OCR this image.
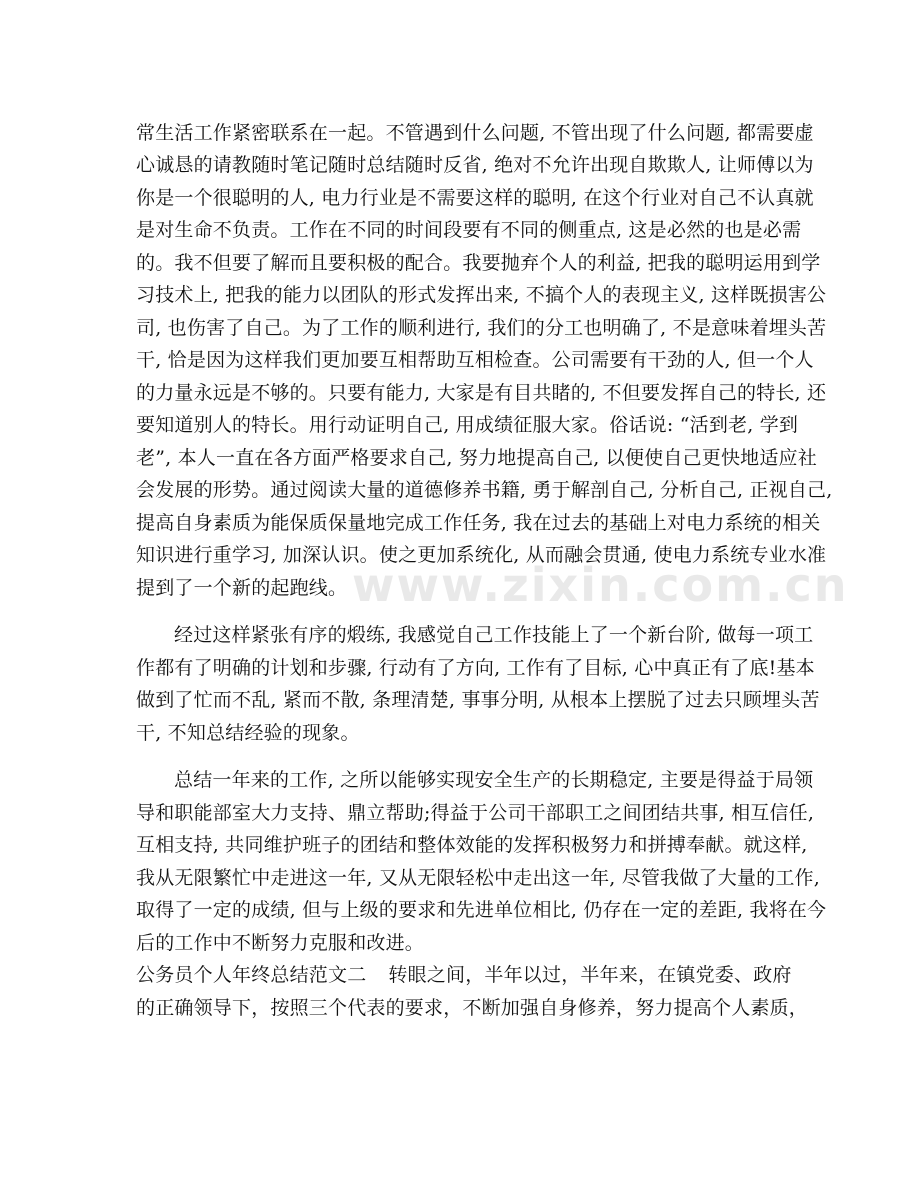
www.zixin.com.cn
常生活工作紧密联系在一起。不管遇到什么问题, 不管出现了什么问题, 都需要虚
心诚恳的请教随时笔记随时总结随时反省, 绝对不允许出现自欺欺人, 让师傅以为
你是一个很聪明的人, 电力行业是不需要这样的聪明, 在这个行业对自己不认真就
是对生命不负责。工作在不同的时间段要有不同的侧重点, 这是必然的也是必需
的。我不但要了解而且要积极的配合。我要抛弃个人的利益, 把我的聪明运用到学
习技术上, 把我的能力以团队的形式发挥出来, 不搞个人的表现主义, 这样既损害公
司, 也伤害了自己。为了工作的顺利进行, 我们的分工也明确了, 不是意味着埋头苦
干, 恰是因为这样我们更加要互相帮助互相检查。公司需要有干劲的人, 但一个人
的力量永远是不够的。只要有能力, 大家是有目共睹的, 不但要发挥自己的特长, 还
要知道别人的特长。用行动证明自己, 用成绩征服大家。俗话说: “活到老, 学到
老”, 本人一直在各方面严格要求自己, 努力地提高自己, 以便使自己更快地适应社
会发展的形势。通过阅读大量的道德修养书籍, 勇于解剖自己, 分析自己, 正视自己,
提高自身素质为能保质保量地完成工作任务, 我在过去的基础上对电力系统的相关
知识进行重学习, 加深认识。使之更加系统化, 从而融会贯通, 使电力系统专业水准
提到了一个新的起跑线。
经过这样紧张有序的煅练, 我感觉自己工作技能上了一个新台阶, 做每一项工
作都有了明确的计划和步骤, 行动有了方向, 工作有了目标, 心中真正有了底!基本
做到了忙而不乱, 紧而不散, 条理清楚, 事事分明, 从根本上摆脱了过去只顾埋头苦
干, 不知总结经验的现象。
总结一年来的工作, 之所以能够实现安全生产的长期稳定, 主要是得益于局领
导和职能部室大力支持、鼎立帮助;得益于公司干部职工之间团结共事, 相互信任,
互相支持, 共同维护班子的团结和整体效能的发挥积极努力和拼搏奉献。就这样,
我从无限繁忙中走进这一年, 又从无限轻松中走出这一年, 尽管我做了大量的工作,
取得了一定的成绩, 但与上级的要求和先进单位相比, 仍存在一定的差距, 我将在今
后的工作中不断努力克服和改进。
公务员个人年终总结范文二 转眼之间，半年以过，半年来，在镇党委、政府
的正确领导下，按照三个代表的要求，不断加强自身修养，努力提高个人素质，
